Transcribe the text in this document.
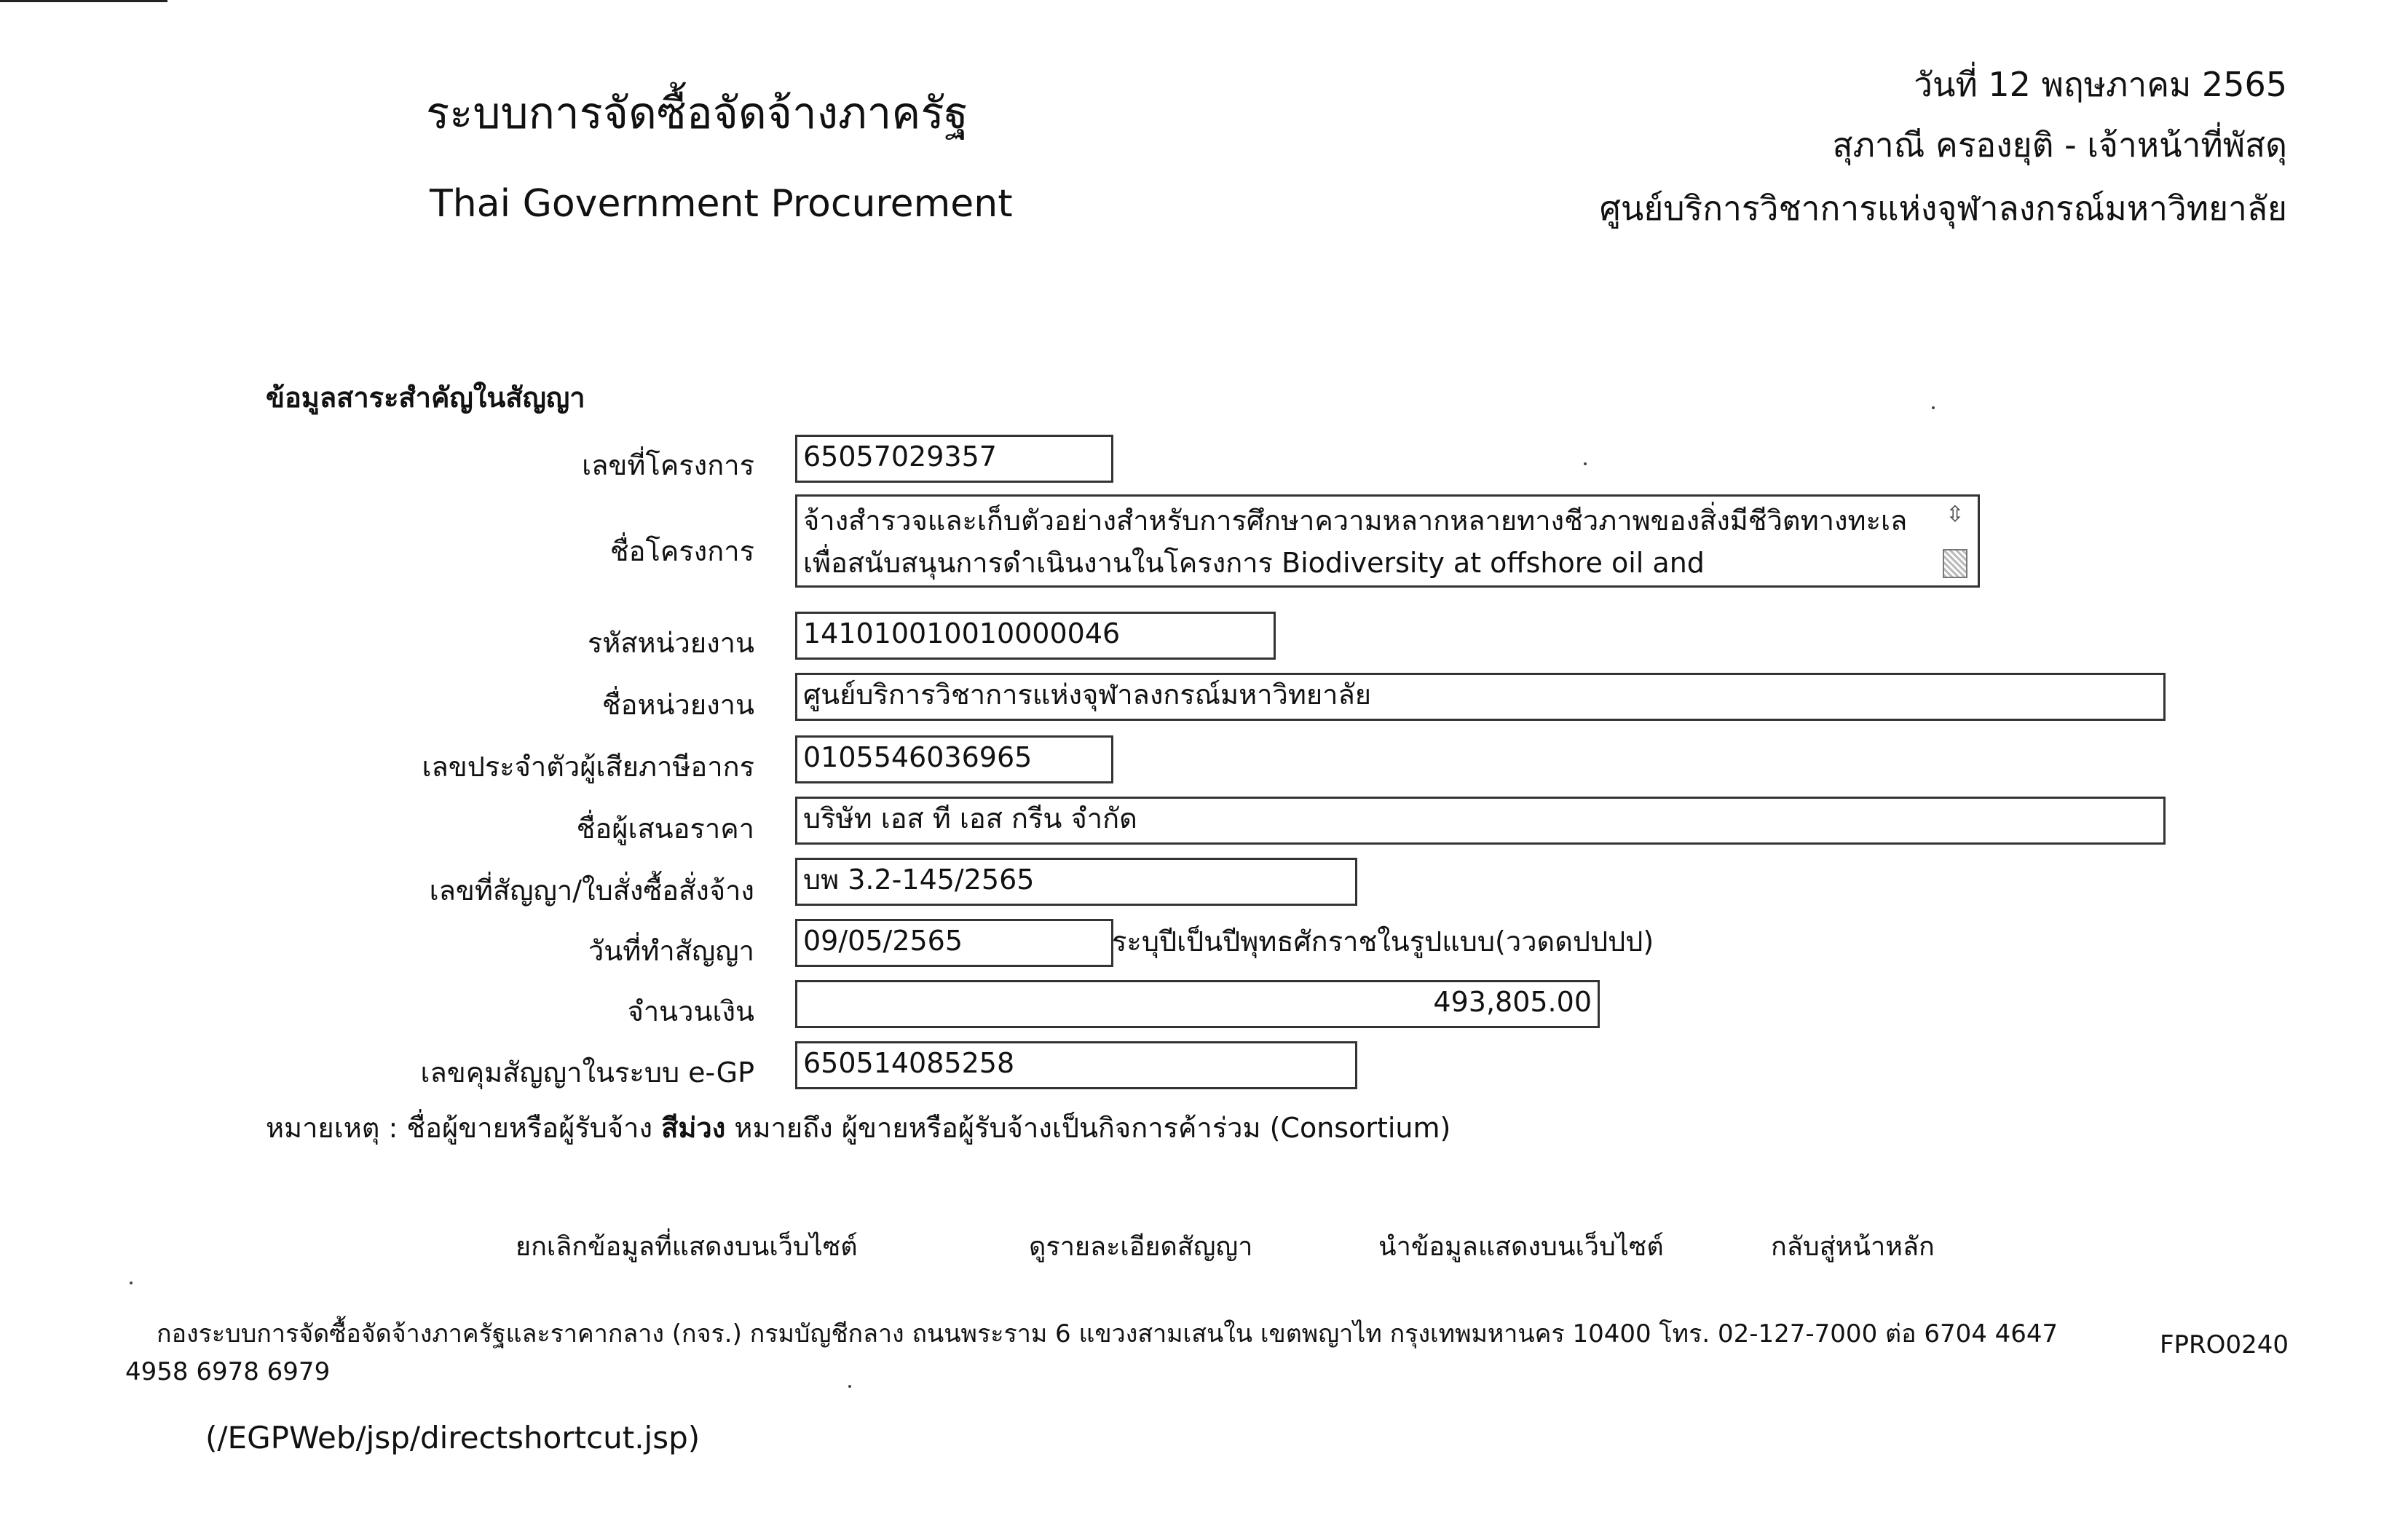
ระบบการจัดซื้อจัดจ้างภาครัฐ
Thai Government Procurement
วันที่ 12 พฤษภาคม 2565
สุภาณี ครองยุติ - เจ้าหน้าที่พัสดุ
ศูนย์บริการวิชาการแห่งจุฬาลงกรณ์มหาวิทยาลัย
ข้อมูลสาระสำคัญในสัญญา
เลขที่โครงการ 65057029357
ชื่อโครงการ
จ้างสำรวจและเก็บตัวอย่างสำหรับการศึกษาความหลากหลายทางชีวภาพของสิ่งมีชีวิตทางทะเล เพื่อสนับสนุนการดำเนินงานในโครงการ Biodiversity at offshore oil and
⇳
รหัสหน่วยงาน 141010010010000046
ชื่อหน่วยงาน ศูนย์บริการวิชาการแห่งจุฬาลงกรณ์มหาวิทยาลัย
เลขประจำตัวผู้เสียภาษีอากร 0105546036965
ชื่อผู้เสนอราคา บริษัท เอส ที เอส กรีน จำกัด
เลขที่สัญญา/ใบสั่งซื้อสั่งจ้าง บพ 3.2-145/2565
วันที่ทำสัญญา 09/05/2565	ระบุปีเป็นปีพุทธศักราชในรูปแบบ(ววดดปปปป)
จำนวนเงิน	493,805.00
เลขคุมสัญญาในระบบ e-GP 650514085258
หมายเหตุ : ชื่อผู้ขายหรือผู้รับจ้าง สีม่วง หมายถึง ผู้ขายหรือผู้รับจ้างเป็นกิจการค้าร่วม (Consortium)
ยกเลิกข้อมูลที่แสดงบนเว็บไซต์	ดูรายละเอียดสัญญา	นำข้อมูลแสดงบนเว็บไซต์	กลับสู่หน้าหลัก
กองระบบการจัดซื้อจัดจ้างภาครัฐและราคากลาง (กจร.) กรมบัญชีกลาง ถนนพระราม 6 แขวงสามเสนใน เขตพญาไท กรุงเทพมหานคร 10400 โทร. 02-127-7000 ต่อ 6704 4647
4958 6978 6979
FPRO0240
(/EGPWeb/jsp/directshortcut.jsp)
